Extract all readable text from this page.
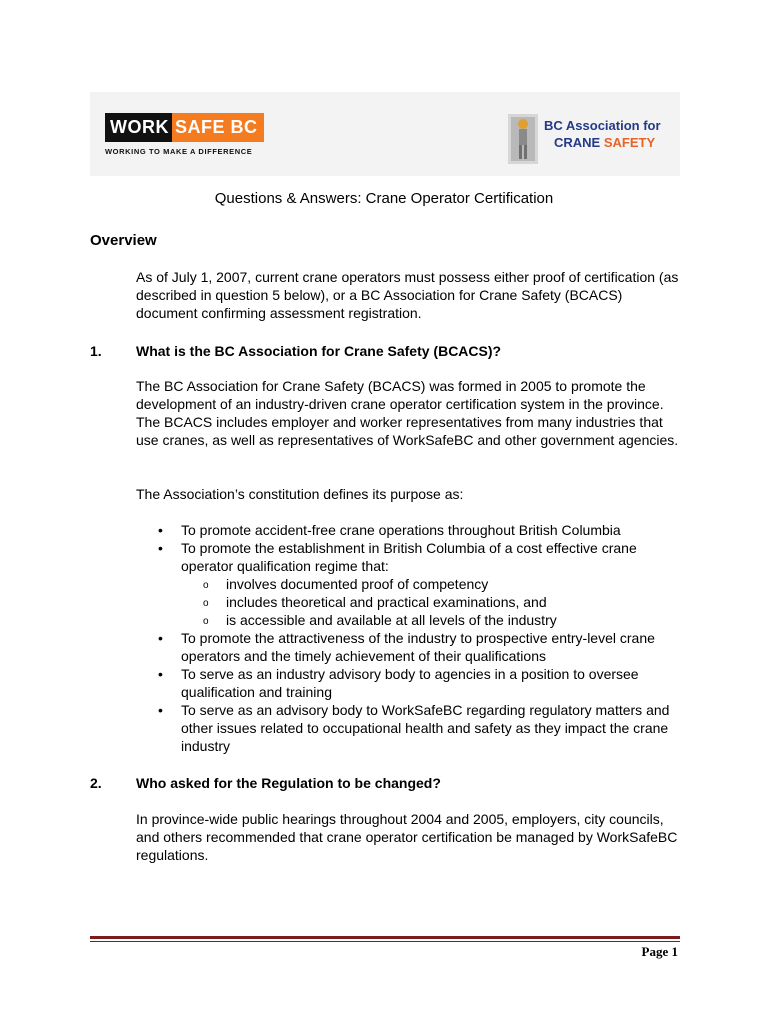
WORK SAFE BC
WORKING TO MAKE A DIFFERENCE
BC Association for
CRANE SAFETY
Questions & Answers: Crane Operator Certification
Overview

As of July 1, 2007, current crane operators must possess either proof of certification (as described in question 5 below), or a BC Association for Crane Safety (BCACS) document confirming assessment registration.

1. What is the BC Association for Crane Safety (BCACS)?

The BC Association for Crane Safety (BCACS) was formed in 2005 to promote the development of an industry-driven crane operator certification system in the province. The BCACS includes employer and worker representatives from many industries that use cranes, as well as representatives of WorkSafeBC and other government agencies.

The Association’s constitution defines its purpose as:

• To promote accident-free crane operations throughout British Columbia
• To promote the establishment in British Columbia of a cost effective crane operator qualification regime that:
o involves documented proof of competency
o includes theoretical and practical examinations, and
o is accessible and available at all levels of the industry
• To promote the attractiveness of the industry to prospective entry-level crane operators and the timely achievement of their qualifications
• To serve as an industry advisory body to agencies in a position to oversee qualification and training
• To serve as an advisory body to WorkSafeBC regarding regulatory matters and other issues related to occupational health and safety as they impact the crane industry
2. Who asked for the Regulation to be changed?

In province-wide public hearings throughout 2004 and 2005, employers, city councils, and others recommended that crane operator certification be managed by WorkSafeBC regulations.

Page 1
